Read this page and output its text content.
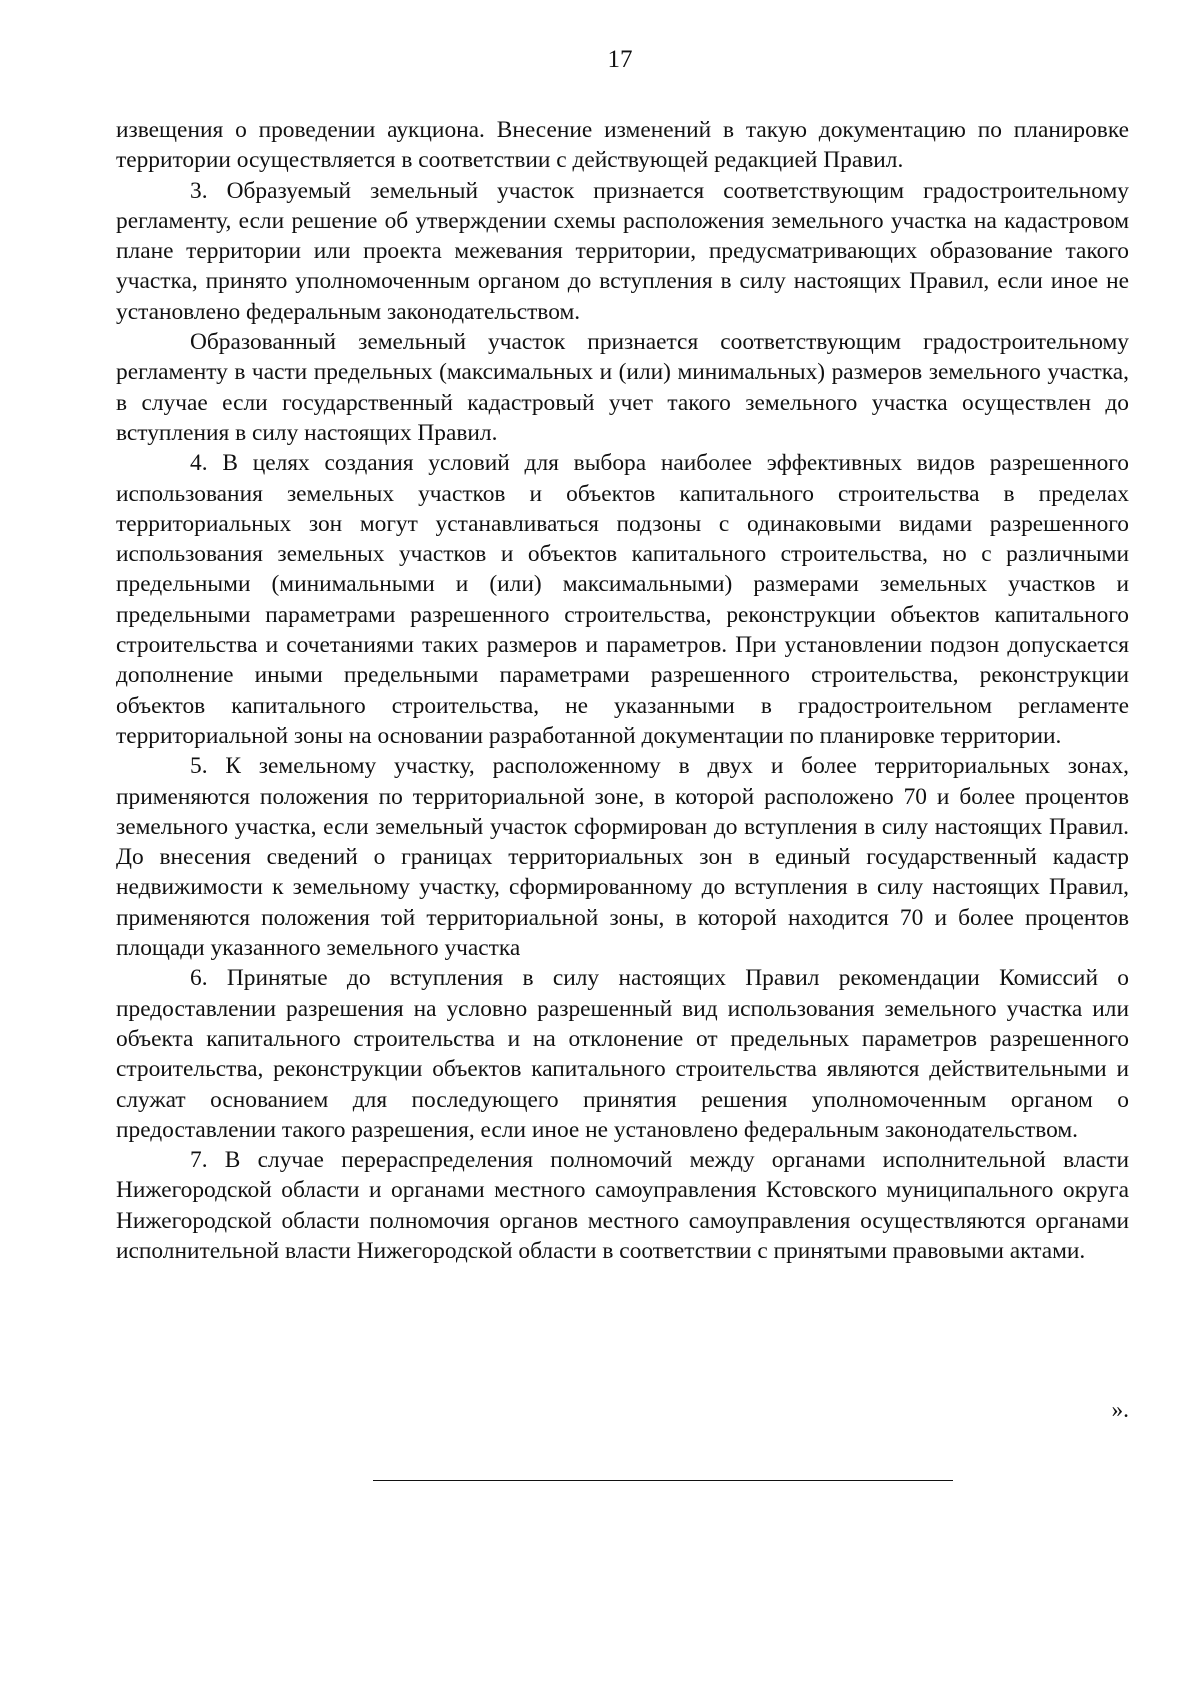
17

извещения о проведении аукциона. Внесение изменений в такую документацию по планировке территории осуществляется в соответствии с действующей редакцией Правил.

3. Образуемый земельный участок признается соответствующим градостроительному регламенту, если решение об утверждении схемы расположения земельного участка на кадастровом плане территории или проекта межевания территории, предусматривающих образование такого участка, принято уполномоченным органом до вступления в силу настоящих Правил, если иное не установлено федеральным законодательством.

Образованный земельный участок признается соответствующим градостроительному регламенту в части предельных (максимальных и (или) минимальных) размеров земельного участка, в случае если государственный кадастровый учет такого земельного участка осуществлен до вступления в силу настоящих Правил.

4. В целях создания условий для выбора наиболее эффективных видов разрешенного использования земельных участков и объектов капитального строительства в пределах территориальных зон могут устанавливаться подзоны с одинаковыми видами разрешенного использования земельных участков и объектов капитального строительства, но с различными предельными (минимальными и (или) максимальными) размерами земельных участков и предельными параметрами разрешенного строительства, реконструкции объектов капитального строительства и сочетаниями таких размеров и параметров. При установлении подзон допускается дополнение иными предельными параметрами разрешенного строительства, реконструкции объектов капитального строительства, не указанными в градостроительном регламенте территориальной зоны на основании разработанной документации по планировке территории.

5. К земельному участку, расположенному в двух и более территориальных зонах, применяются положения по территориальной зоне, в которой расположено 70 и более процентов земельного участка, если земельный участок сформирован до вступления в силу настоящих Правил. До внесения сведений о границах территориальных зон в единый государственный кадастр недвижимости к земельному участку, сформированному до вступления в силу настоящих Правил, применяются положения той территориальной зоны, в которой находится 70 и более процентов площади указанного земельного участка

6. Принятые до вступления в силу настоящих Правил рекомендации Комиссий о предоставлении разрешения на условно разрешенный вид использования земельного участка или объекта капитального строительства и на отклонение от предельных параметров разрешенного строительства, реконструкции объектов капитального строительства являются действительными и служат основанием для последующего принятия решения уполномоченным органом о предоставлении такого разрешения, если иное не установлено федеральным законодательством.

7. В случае перераспределения полномочий между органами исполнительной власти Нижегородской области и органами местного самоуправления Кстовского муниципального округа Нижегородской области полномочия органов местного самоуправления осуществляются органами исполнительной власти Нижегородской области в соответствии с принятыми правовыми актами.

».
